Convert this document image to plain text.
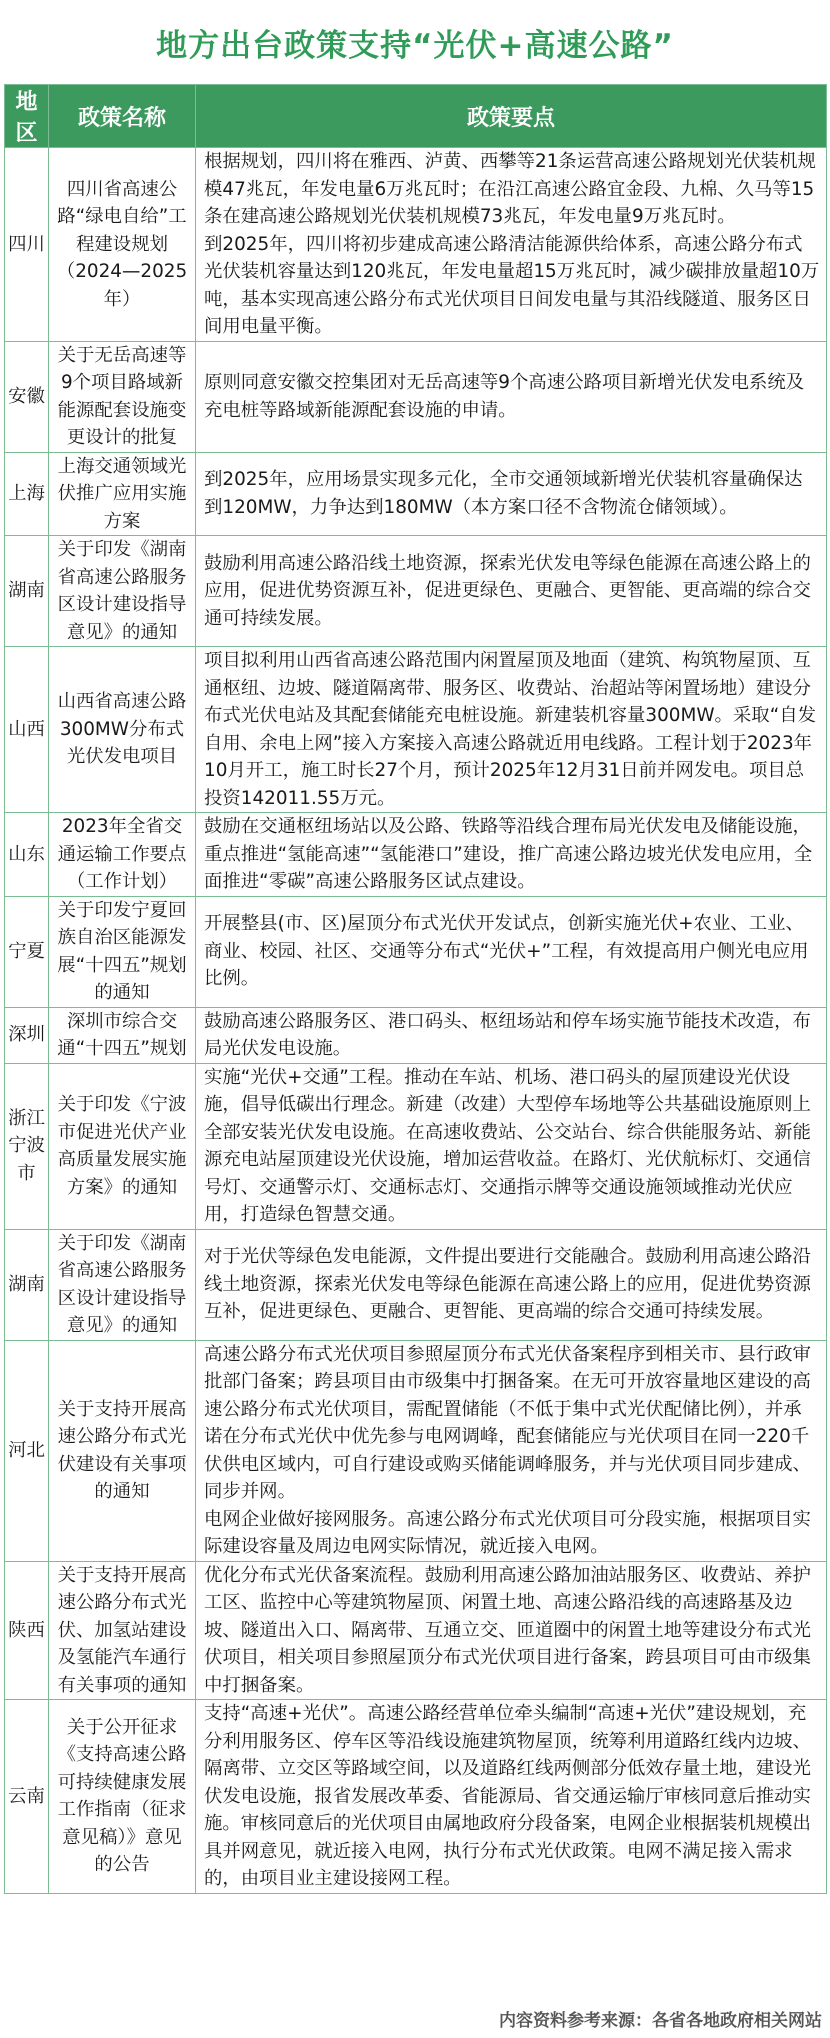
地方出台政策支持“光伏+高速公路”
地区	政策名称	政策要点
四川	四川省高速公路“绿电自给”工程建设规划（2024—2025年）	根据规划，四川将在雅西、泸黄、西攀等21条运营高速公路规划光伏装机规模47兆瓦，年发电量6万兆瓦时；在沿江高速公路宜金段、九棉、久马等15条在建高速公路规划光伏装机规模73兆瓦，年发电量9万兆瓦时。
到2025年，四川将初步建成高速公路清洁能源供给体系，高速公路分布式光伏装机容量达到120兆瓦，年发电量超15万兆瓦时，减少碳排放量超10万吨，基本实现高速公路分布式光伏项目日间发电量与其沿线隧道、服务区日间用电量平衡。
安徽	关于无岳高速等9个项目路域新能源配套设施变更设计的批复	原则同意安徽交控集团对无岳高速等9个高速公路项目新增光伏发电系统及充电桩等路域新能源配套设施的申请。
上海	上海交通领域光伏推广应用实施方案	到2025年，应用场景实现多元化，全市交通领域新增光伏装机容量确保达到120MW，力争达到180MW（本方案口径不含物流仓储领域）。
湖南	关于印发《湖南省高速公路服务区设计建设指导意见》的通知	鼓励利用高速公路沿线土地资源，探索光伏发电等绿色能源在高速公路上的应用，促进优势资源互补，促进更绿色、更融合、更智能、更高端的综合交通可持续发展。
山西	山西省高速公路300MW分布式光伏发电项目	项目拟利用山西省高速公路范围内闲置屋顶及地面（建筑、构筑物屋顶、互通枢纽、边坡、隧道隔离带、服务区、收费站、治超站等闲置场地）建设分布式光伏电站及其配套储能充电桩设施。新建装机容量300MW。采取“自发自用、余电上网”接入方案接入高速公路就近用电线路。工程计划于2023年10月开工，施工时长27个月，预计2025年12月31日前并网发电。项目总投资142011.55万元。
山东	2023年全省交通运输工作要点（工作计划）	鼓励在交通枢纽场站以及公路、铁路等沿线合理布局光伏发电及储能设施，重点推进“氢能高速”“氢能港口”建设，推广高速公路边坡光伏发电应用，全面推进“零碳”高速公路服务区试点建设。
宁夏	关于印发宁夏回族自治区能源发展“十四五”规划的通知	开展整县(市、区)屋顶分布式光伏开发试点，创新实施光伏+农业、工业、商业、校园、社区、交通等分布式“光伏+”工程，有效提高用户侧光电应用比例。
深圳	深圳市综合交通“十四五”规划	鼓励高速公路服务区、港口码头、枢纽场站和停车场实施节能技术改造，布局光伏发电设施。
浙江宁波市	关于印发《宁波市促进光伏产业高质量发展实施方案》的通知	实施“光伏+交通”工程。推动在车站、机场、港口码头的屋顶建设光伏设施，倡导低碳出行理念。新建（改建）大型停车场地等公共基础设施原则上全部安装光伏发电设施。在高速收费站、公交站台、综合供能服务站、新能源充电站屋顶建设光伏设施，增加运营收益。在路灯、光伏航标灯、交通信号灯、交通警示灯、交通标志灯、交通指示牌等交通设施领域推动光伏应用，打造绿色智慧交通。
湖南	关于印发《湖南省高速公路服务区设计建设指导意见》的通知	对于光伏等绿色发电能源，文件提出要进行交能融合。鼓励利用高速公路沿线土地资源，探索光伏发电等绿色能源在高速公路上的应用，促进优势资源互补，促进更绿色、更融合、更智能、更高端的综合交通可持续发展。
河北	关于支持开展高速公路分布式光伏建设有关事项的通知	高速公路分布式光伏项目参照屋顶分布式光伏备案程序到相关市、县行政审批部门备案；跨县项目由市级集中打捆备案。在无可开放容量地区建设的高速公路分布式光伏项目，需配置储能（不低于集中式光伏配储比例），并承诺在分布式光伏中优先参与电网调峰，配套储能应与光伏项目在同一220千伏供电区域内，可自行建设或购买储能调峰服务，并与光伏项目同步建成、同步并网。
电网企业做好接网服务。高速公路分布式光伏项目可分段实施，根据项目实际建设容量及周边电网实际情况，就近接入电网。
陕西	关于支持开展高速公路分布式光伏、加氢站建设及氢能汽车通行有关事项的通知	优化分布式光伏备案流程。鼓励利用高速公路加油站服务区、收费站、养护工区、监控中心等建筑物屋顶、闲置土地、高速公路沿线的高速路基及边坡、隧道出入口、隔离带、互通立交、匝道圈中的闲置土地等建设分布式光伏项目，相关项目参照屋顶分布式光伏项目进行备案，跨县项目可由市级集中打捆备案。
云南	关于公开征求《支持高速公路可持续健康发展工作指南（征求意见稿）》意见的公告	支持“高速+光伏”。高速公路经营单位牵头编制“高速+光伏”建设规划，充分利用服务区、停车区等沿线设施建筑物屋顶，统筹利用道路红线内边坡、隔离带、立交区等路域空间，以及道路红线两侧部分低效存量土地，建设光伏发电设施，报省发展改革委、省能源局、省交通运输厅审核同意后推动实施。审核同意后的光伏项目由属地政府分段备案，电网企业根据装机规模出具并网意见，就近接入电网，执行分布式光伏政策。电网不满足接入需求的，由项目业主建设接网工程。
内容资料参考来源：各省各地政府相关网站
